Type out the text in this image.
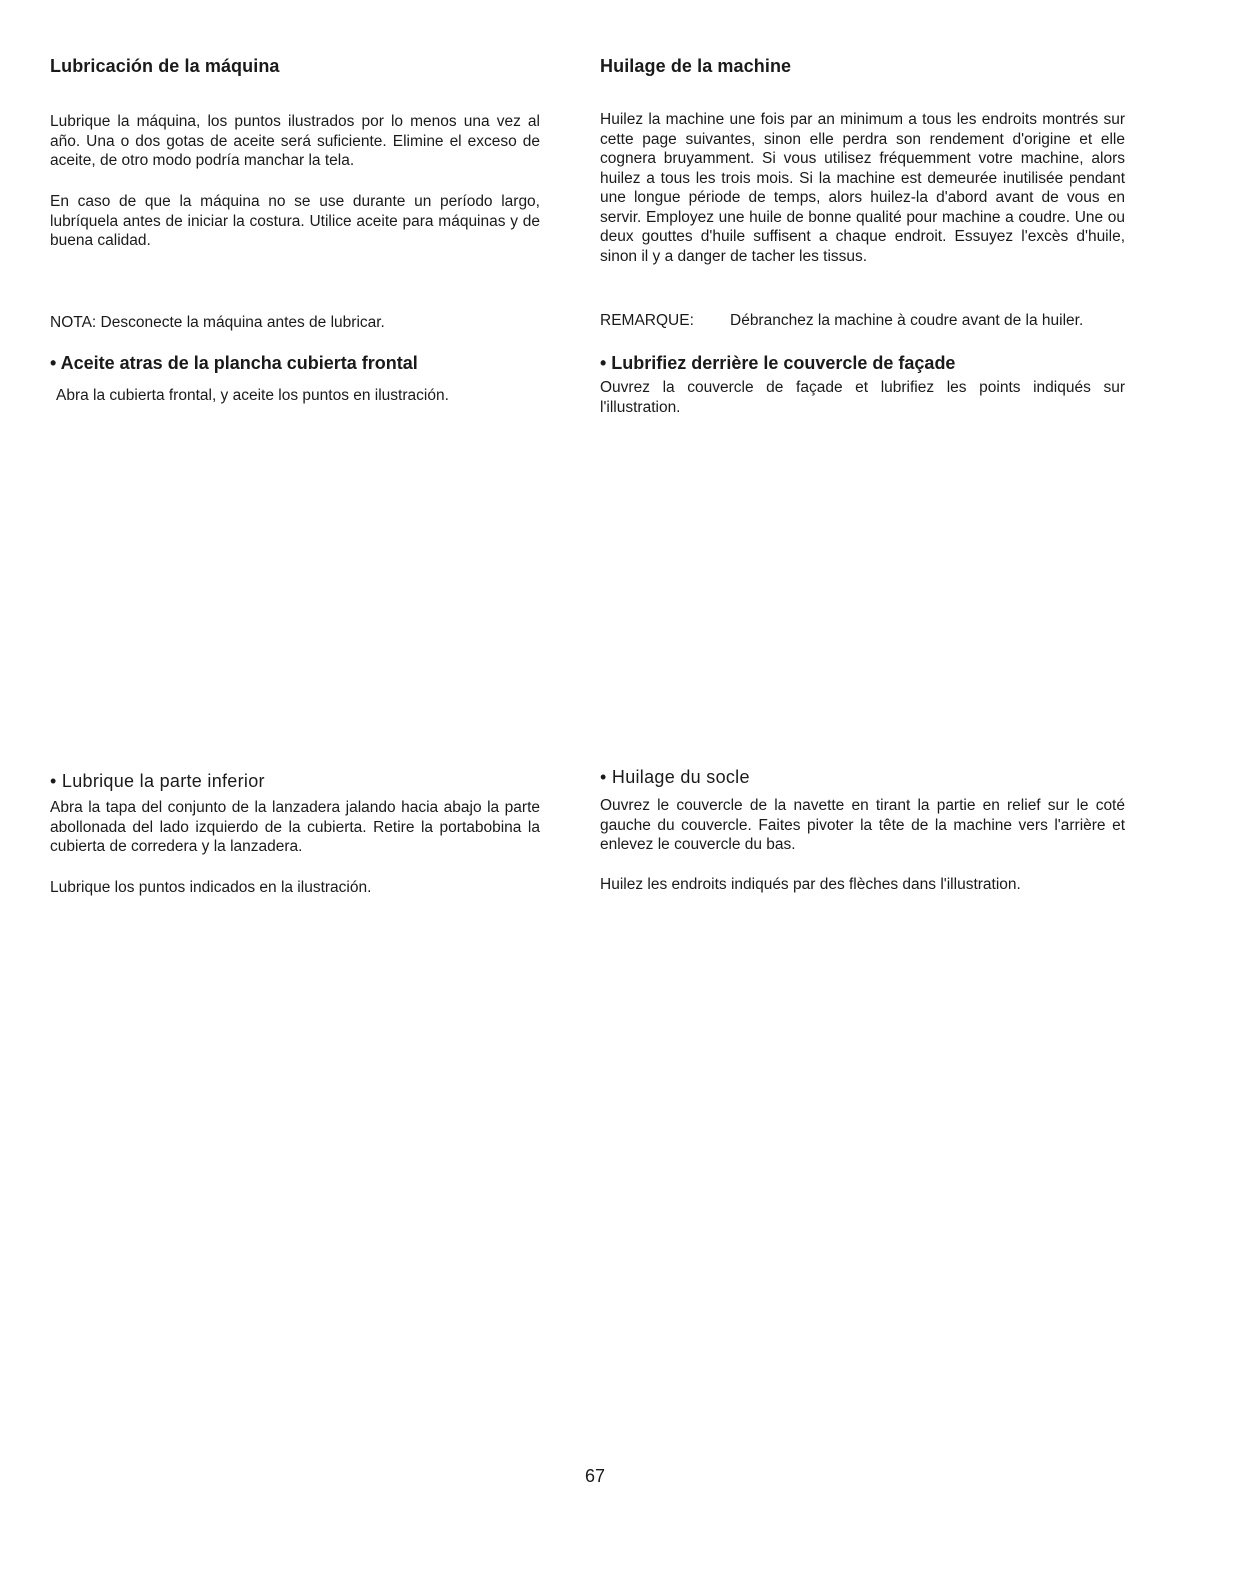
Lubricación de la máquina

Lubrique la máquina, los puntos ilustrados por lo menos una vez al año. Una o dos gotas de aceite será suficiente. Elimine el exceso de aceite, de otro modo podría manchar la tela.

En caso de que la máquina no se use durante un período largo, lubríquela antes de iniciar la costura. Utilice aceite para máquinas y de buena calidad.

NOTA: Desconecte la máquina antes de lubricar.

• Aceite atras de la plancha cubierta frontal

Abra la cubierta frontal, y aceite los puntos en ilustración.

• Lubrique la parte inferior

Abra la tapa del conjunto de la lanzadera jalando hacia abajo la parte abollonada del lado izquierdo de la cubierta. Retire la portabobina la cubierta de corredera y la lanzadera.

Lubrique los puntos indicados en la ilustración.

Huilage de la machine

Huilez la machine une fois par an minimum a tous les endroits montrés sur cette page suivantes, sinon elle perdra son rendement d'origine et elle cognera bruyamment. Si vous utilisez fréquemment votre machine, alors huilez a tous les trois mois. Si la machine est demeurée inutilisée pendant une longue période de temps, alors huilez-la d'abord avant de vous en servir. Employez une huile de bonne qualité pour machine a coudre. Une ou deux gouttes d'huile suffisent a chaque endroit. Essuyez l'excès d'huile, sinon il y a danger de tacher les tissus.

REMARQUE:	Débranchez la machine à coudre avant de la huiler.
• Lubrifiez derrière le couvercle de façade

Ouvrez la couvercle de façade et lubrifiez les points indiqués sur l'illustration.

• Huilage du socle

Ouvrez le couvercle de la navette en tirant la partie en relief sur le coté gauche du couvercle. Faites pivoter la tête de la machine vers l'arrière et enlevez le couvercle du bas.

Huilez les endroits indiqués par des flèches dans l'illustration.

67
